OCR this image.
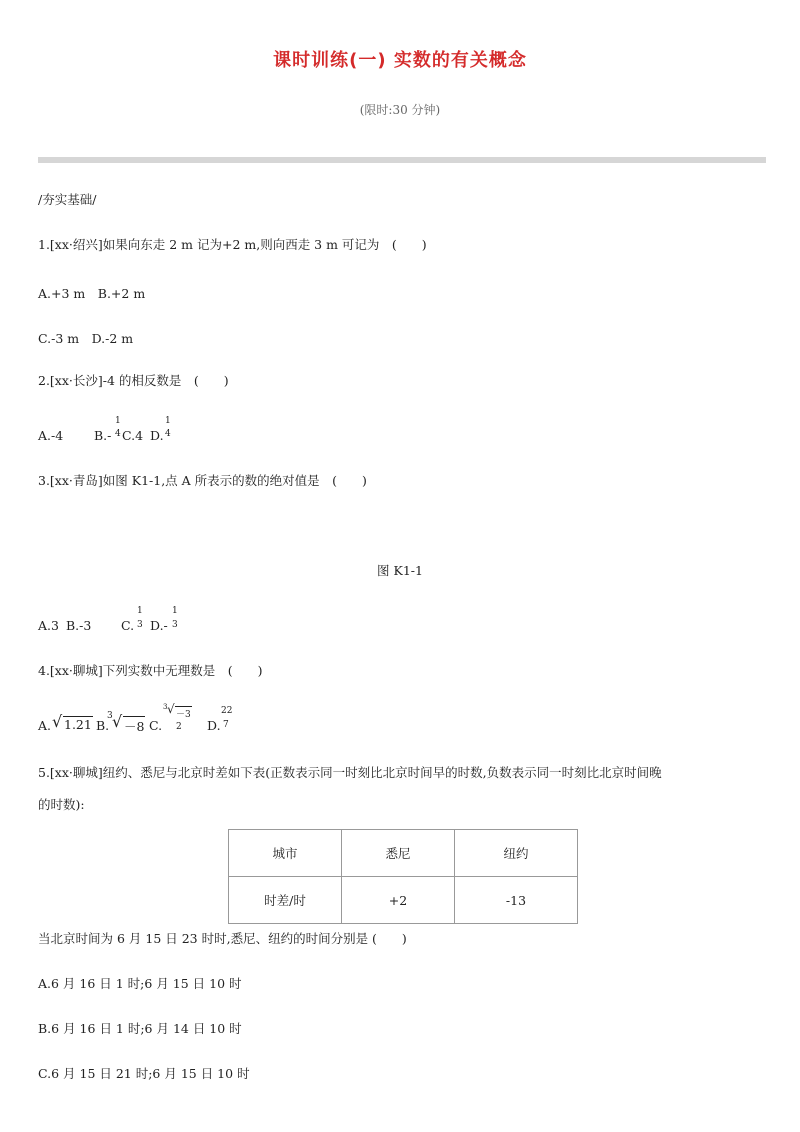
课时训练(一) 实数的有关概念
(限时:30 分钟)
/夯实基础/
1.[xx·绍兴]如果向东走 2 m 记为+2 m,则向西走 3 m 可记为　(　　)
A.+3 m　B.+2 m
C.-3 m　D.-2 m
2.[xx·长沙]-4 的相反数是　(　　)
A.-4 B.-
1
4 C.4 D.
1
4
3.[xx·青岛]如图 K1-1,点 A 所表示的数的绝对值是　(　　)
图 K1-1
A.3 B.-3 C.
1
3 D.-
1
3
4.[xx·聊城]下列实数中无理数是　(　　)
A. √ 1.21 B.
3 √ －8 C.
3 √ －3
2 D.
22
7
5.[xx·聊城]纽约、悉尼与北京时差如下表(正数表示同一时刻比北京时间早的时数,负数表示同一时刻比北京时间晚
的时数):
城市	悉尼	纽约
时差/时	+2	-13
当北京时间为 6 月 15 日 23 时时,悉尼、纽约的时间分别是 (　　)
A.6 月 16 日 1 时;6 月 15 日 10 时
B.6 月 16 日 1 时;6 月 14 日 10 时
C.6 月 15 日 21 时;6 月 15 日 10 时
